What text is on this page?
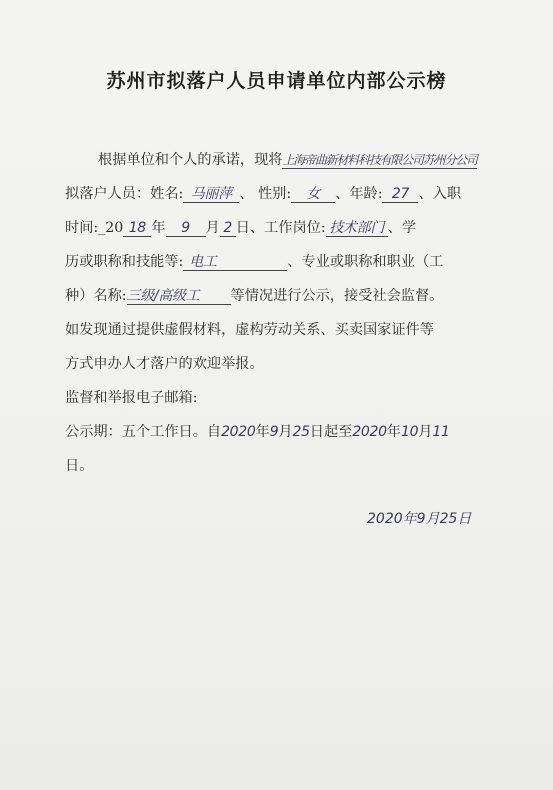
苏州市拟落户人员申请单位内部公示榜
根据单位和个人的承诺，现将上海帝曲新材料科技有限公司苏州分公司
拟落户人员：姓名: 马丽萍 、 性别: 女 、年龄: 27 、入职
时间:_20 18 年 9 月 2 日、工作岗位: 技术部门 、学
历或职称和技能等: 电工	、专业或职称和职业（工
种）名称:三级/高级工 等情况进行公示，接受社会监督。
如发现通过提供虚假材料，虚构劳动关系、买卖国家证件等
方式申办人才落户的欢迎举报。
监督和举报电子邮箱:
公示期：五个工作日。自2020年9月25日起至2020年10月11
日。
2020年9月25日
